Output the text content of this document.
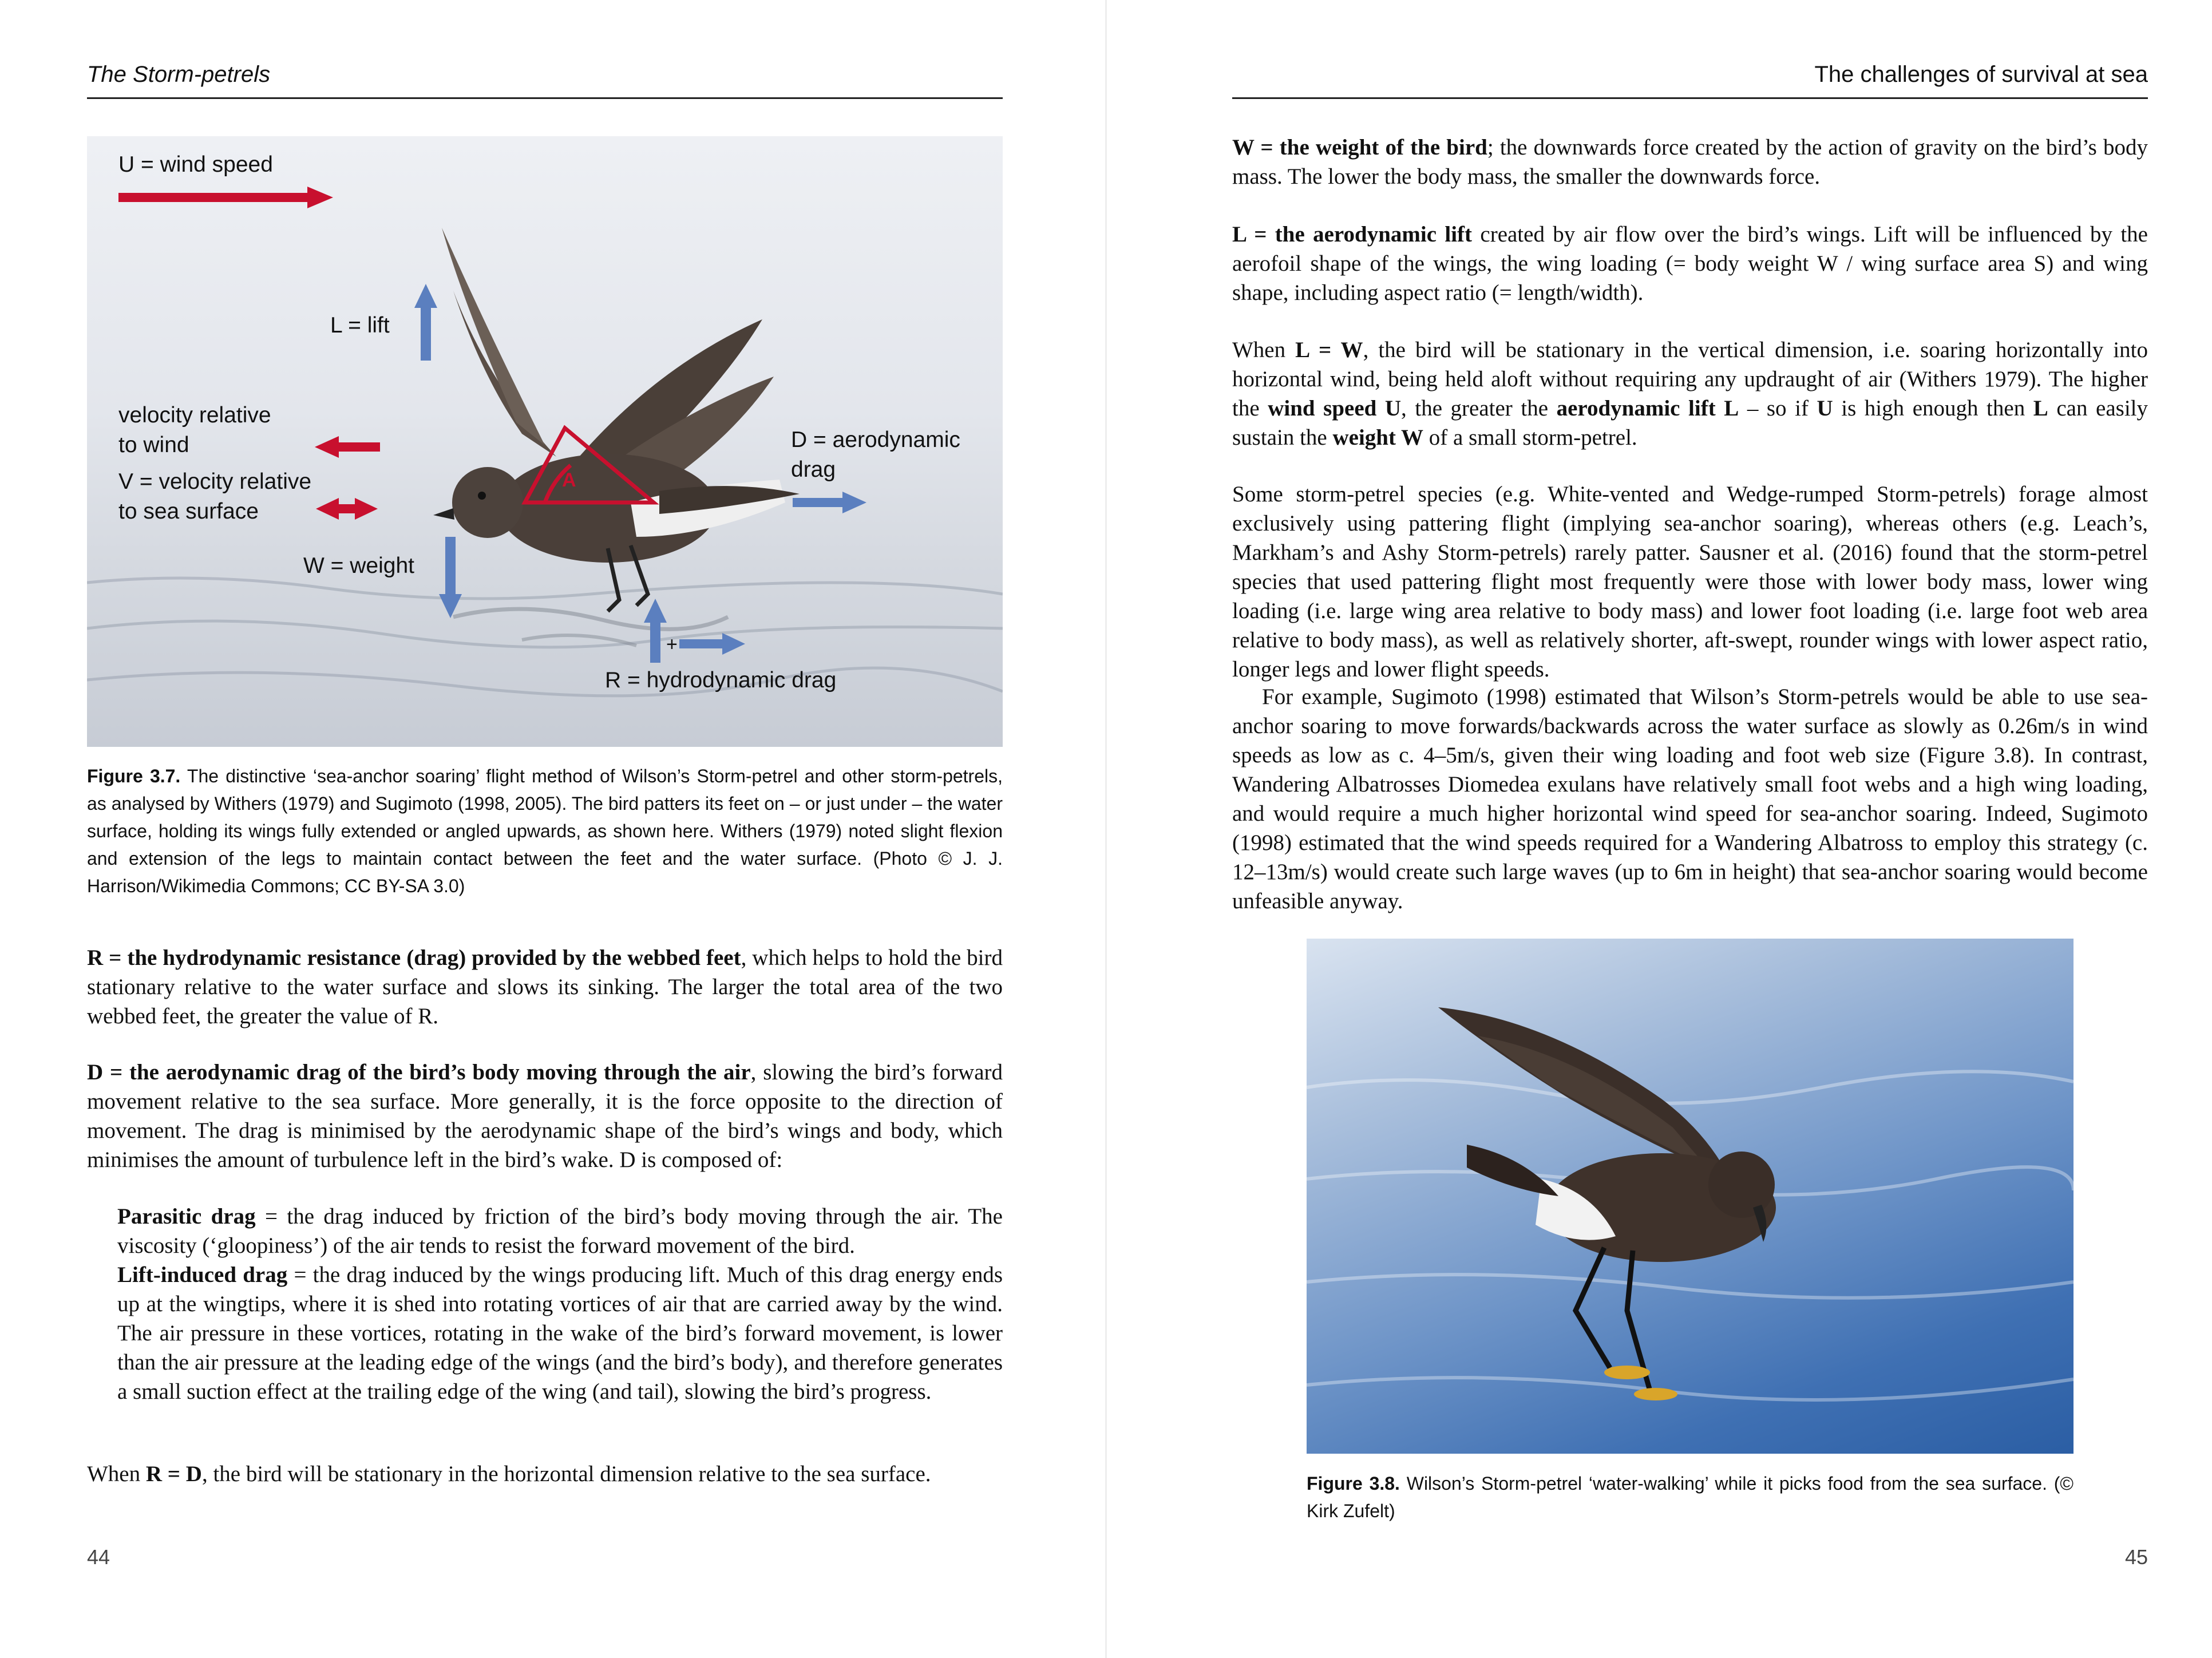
The Storm-petrels
U = wind speed
L = lift
velocity relative
to wind
V = velocity relative
to sea surface
D = aerodynamic
drag
W = weight
+
R = hydrodynamic drag
A
Figure 3.7. The distinctive ‘sea-anchor soaring’ flight method of Wilson’s Storm-petrel and other storm-petrels, as analysed by Withers (1979) and Sugimoto (1998, 2005). The bird patters its feet on – or just under – the water surface, holding its wings fully extended or angled upwards, as shown here. Withers (1979) noted slight flexion and extension of the legs to maintain contact between the feet and the water surface. (Photo © J. J. Harrison/Wikimedia Commons; CC BY-SA 3.0)
R = the hydrodynamic resistance (drag) provided by the webbed feet, which helps to hold the bird stationary relative to the water surface and slows its sinking. The larger the total area of the two webbed feet, the greater the value of R.
D = the aerodynamic drag of the bird’s body moving through the air, slowing the bird’s forward movement relative to the sea surface. More generally, it is the force opposite to the direction of movement. The drag is minimised by the aerodynamic shape of the bird’s wings and body, which minimises the amount of turbulence left in the bird’s wake. D is composed of:
Parasitic drag = the drag induced by friction of the bird’s body moving through the air. The viscosity (‘gloopiness’) of the air tends to resist the forward movement of the bird.
Lift-induced drag = the drag induced by the wings producing lift. Much of this drag energy ends up at the wingtips, where it is shed into rotating vortices of air that are carried away by the wind. The air pressure in these vortices, rotating in the wake of the bird’s forward movement, is lower than the air pressure at the leading edge of the wings (and the bird’s body), and therefore generates a small suction effect at the trailing edge of the wing (and tail), slowing the bird’s progress.
When R = D, the bird will be stationary in the horizontal dimension relative to the sea surface.
44
The challenges of survival at sea
W = the weight of the bird; the downwards force created by the action of gravity on the bird’s body mass. The lower the body mass, the smaller the downwards force.
L = the aerodynamic lift created by air flow over the bird’s wings. Lift will be influenced by the aerofoil shape of the wings, the wing loading (= body weight W / wing surface area S) and wing shape, including aspect ratio (= length/width).
When L = W, the bird will be stationary in the vertical dimension, i.e. soaring horizontally into horizontal wind, being held aloft without requiring any updraught of air (Withers 1979). The higher the wind speed U, the greater the aerodynamic lift L – so if U is high enough then L can easily sustain the weight W of a small storm-petrel.
Some storm-petrel species (e.g. White-vented and Wedge-rumped Storm-petrels) forage almost exclusively using pattering flight (implying sea-anchor soaring), whereas others (e.g. Leach’s, Markham’s and Ashy Storm-petrels) rarely patter. Sausner et al. (2016) found that the storm-petrel species that used pattering flight most frequently were those with lower body mass, lower wing loading (i.e. large wing area relative to body mass) and lower foot loading (i.e. large foot web area relative to body mass), as well as relatively shorter, aft-swept, rounder wings with lower aspect ratio, longer legs and lower flight speeds.
For example, Sugimoto (1998) estimated that Wilson’s Storm-petrels would be able to use sea-anchor soaring to move forwards/backwards across the water surface as slowly as 0.26m/s in wind speeds as low as c. 4–5m/s, given their wing loading and foot web size (Figure 3.8). In contrast, Wandering Albatrosses Diomedea exulans have relatively small foot webs and a high wing loading, and would require a much higher horizontal wind speed for sea-anchor soaring. Indeed, Sugimoto (1998) estimated that the wind speeds required for a Wandering Albatross to employ this strategy (c. 12–13m/s) would create such large waves (up to 6m in height) that sea-anchor soaring would become unfeasible anyway.
Figure 3.8. Wilson’s Storm-petrel ‘water-walking’ while it picks food from the sea surface. (© Kirk Zufelt)
45
